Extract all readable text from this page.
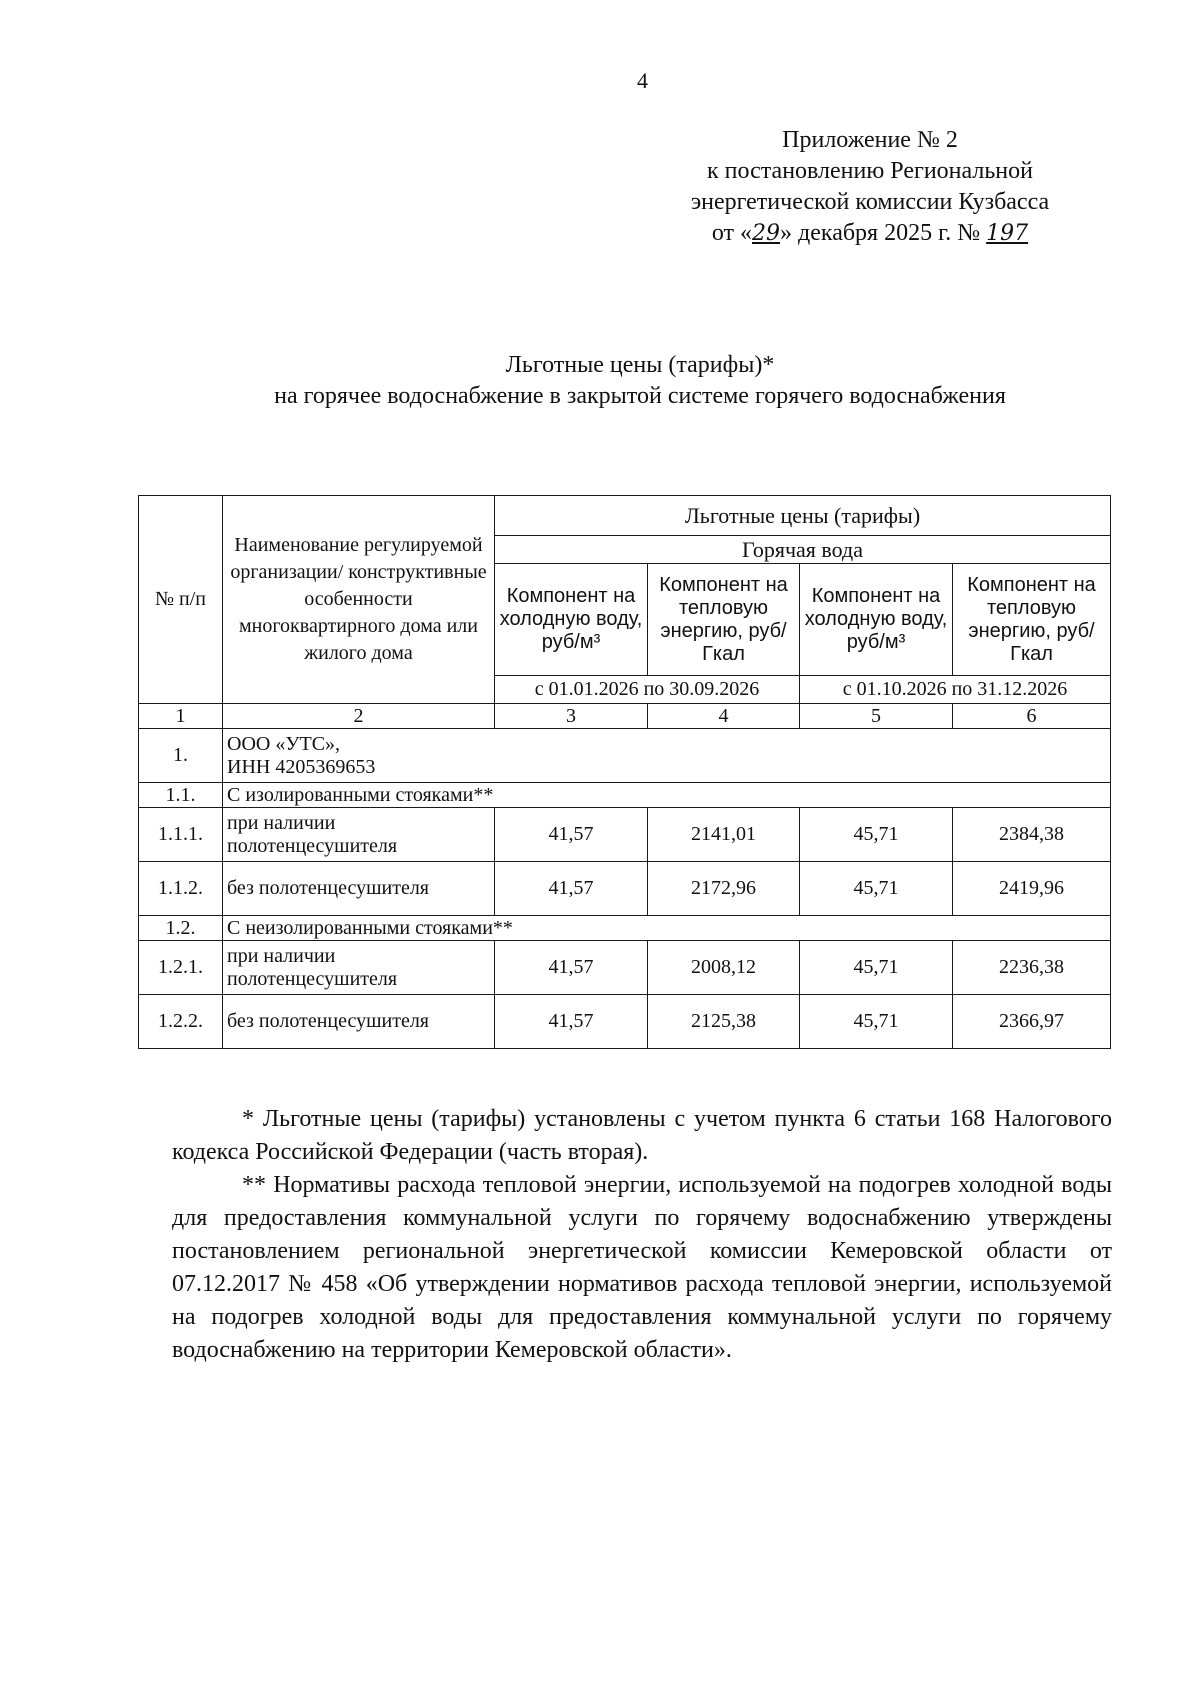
4
Приложение № 2
к постановлению Региональной
энергетической комиссии Кузбасса
от «29» декабря 2025 г. № 197
Льготные цены (тарифы)*
на горячее водоснабжение в закрытой системе горячего водоснабжения
№ п/п	Наименование регулируемой организации/ конструктивные особенности многоквартирного дома или жилого дома	Льготные цены (тарифы)			
		Горячая вода			
		Компонент на холодную воду, руб/м³	Компонент на тепловую энергию, руб/Гкал	Компонент на холодную воду, руб/м³	Компонент на тепловую энергию, руб/Гкал
		с 01.01.2026 по 30.09.2026		с 01.10.2026 по 31.12.2026	
1	2	3	4	5	6
1.	ООО «УТС»,
ИНН 4205369653				

1.1.	С изолированными стояками**				
1.1.1.	при наличии полотенцесушителя	41,57	2141,01	45,71	2384,38
1.1.2.	без полотенцесушителя	41,57	2172,96	45,71	2419,96
1.2.	С неизолированными стояками**				
1.2.1.	при наличии полотенцесушителя	41,57	2008,12	45,71	2236,38
1.2.2.	без полотенцесушителя	41,57	2125,38	45,71	2366,97

* Льготные цены (тарифы) установлены с учетом пункта 6 статьи 168 Налогового кодекса Российской Федерации (часть вторая).

** Нормативы расхода тепловой энергии, используемой на подогрев холодной воды для предоставления коммунальной услуги по горячему водоснабжению утверждены постановлением региональной энергетической комиссии Кемеровской области от 07.12.2017 № 458 «Об утверждении нормативов расхода тепловой энергии, используемой на подогрев холодной воды для предоставления коммунальной услуги по горячему водоснабжению на территории Кемеровской области».
